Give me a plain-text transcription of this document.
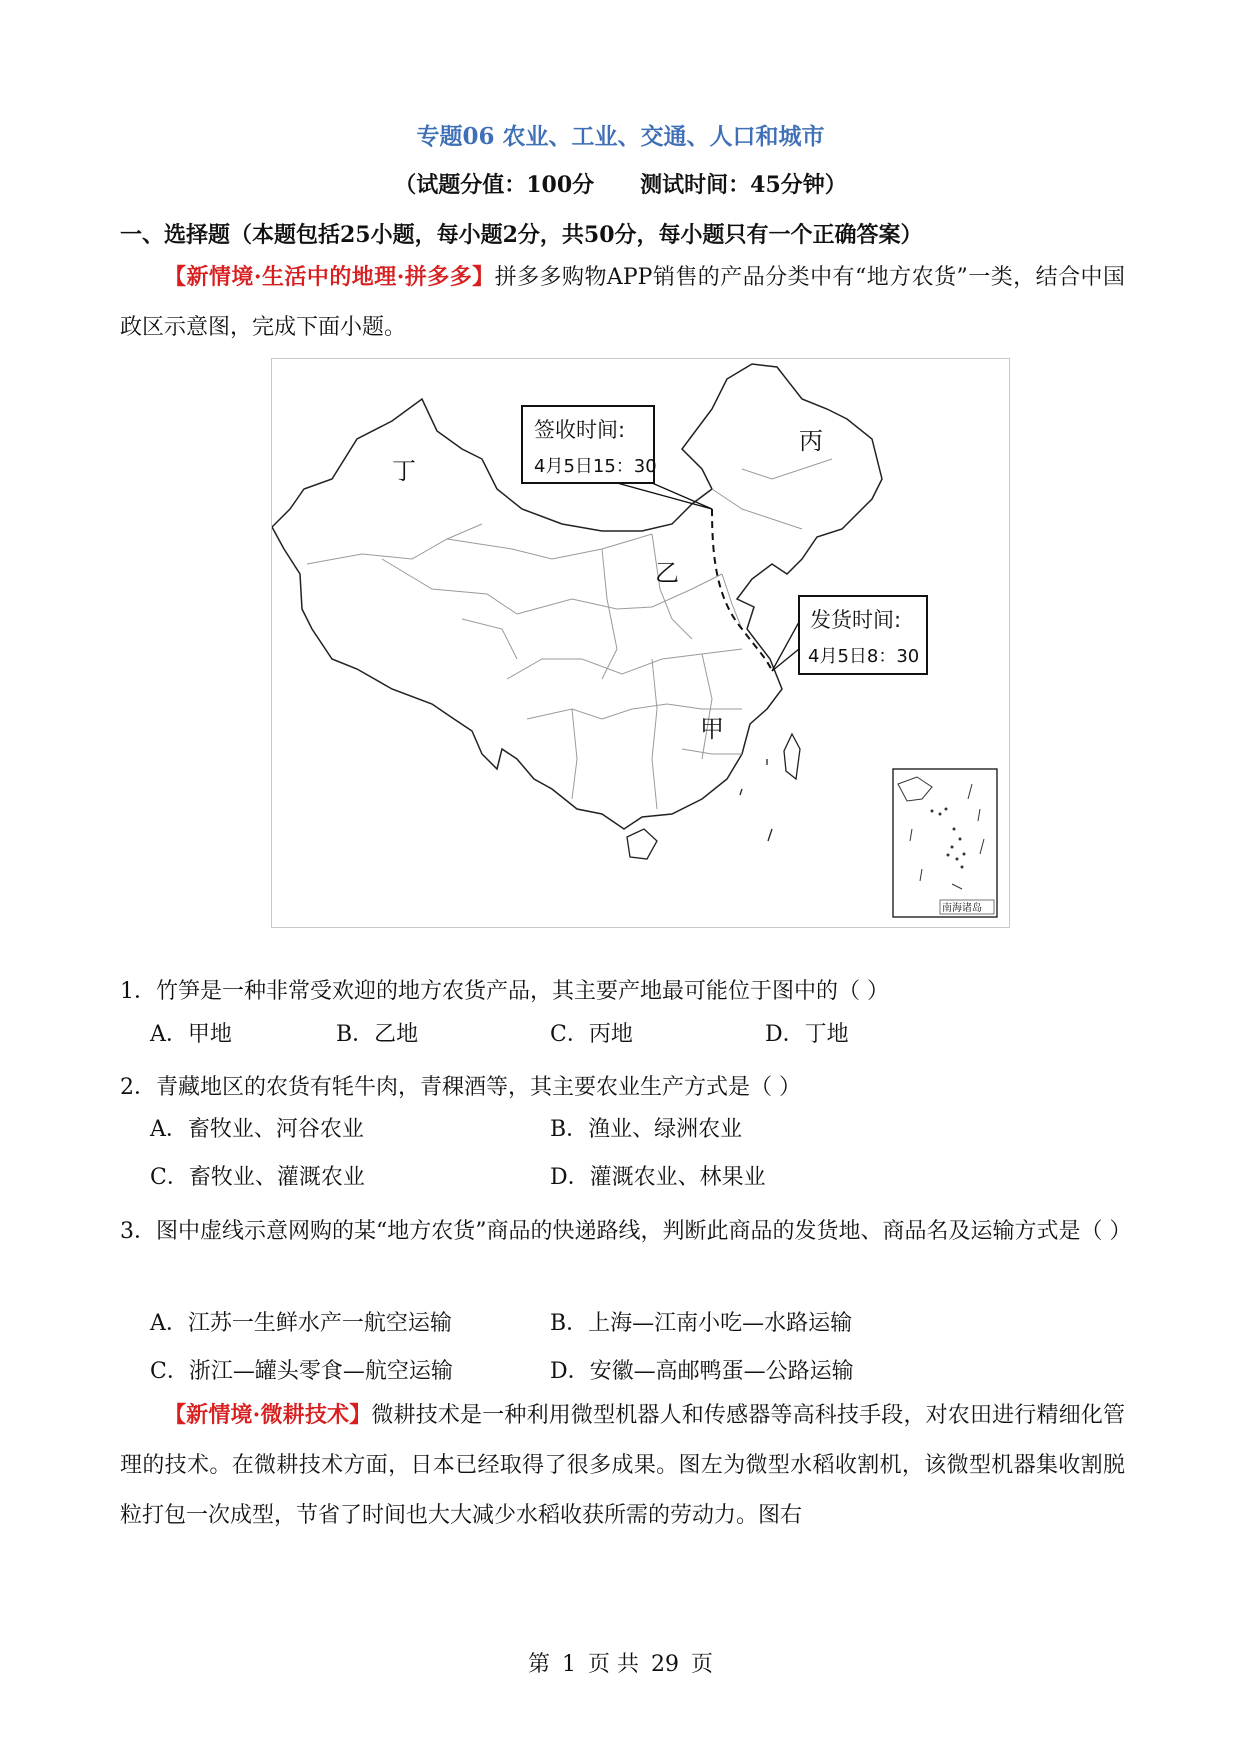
专题06 农业、工业、交通、人口和城市
（试题分值：100分 测试时间：45分钟）
一、选择题（本题包括25小题，每小题2分，共50分，每小题只有一个正确答案）
【新情境·生活中的地理·拼多多】拼多多购物APP销售的产品分类中有“地方农货”一类，结合中国政区示意图，完成下面小题。
丁
乙
丙
甲
签收时间:
4月5日15：30
发货时间:
4月5日8：30
南海诸岛
1．竹笋是一种非常受欢迎的地方农货产品，其主要产地最可能位于图中的（ ）
A．甲地	B．乙地	C．丙地	D．丁地
2．青藏地区的农货有牦牛肉，青稞酒等，其主要农业生产方式是（ ）
A．畜牧业、河谷农业	B．渔业、绿洲农业
C．畜牧业、灌溉农业	D．灌溉农业、林果业
3．图中虚线示意网购的某“地方农货”商品的快递路线，判断此商品的发货地、商品名及运输方式是（ ）
A．江苏一生鲜水产一航空运输	B．上海—江南小吃—水路运输
C．浙江—罐头零食—航空运输	D．安徽—高邮鸭蛋—公路运输
【新情境·微耕技术】微耕技术是一种利用微型机器人和传感器等高科技手段，对农田进行精细化管理的技术。在微耕技术方面，日本已经取得了很多成果。图左为微型水稻收割机，该微型机器集收割脱粒打包一次成型，节省了时间也大大减少水稻收获所需的劳动力。图右
第 1 页 共 29 页
